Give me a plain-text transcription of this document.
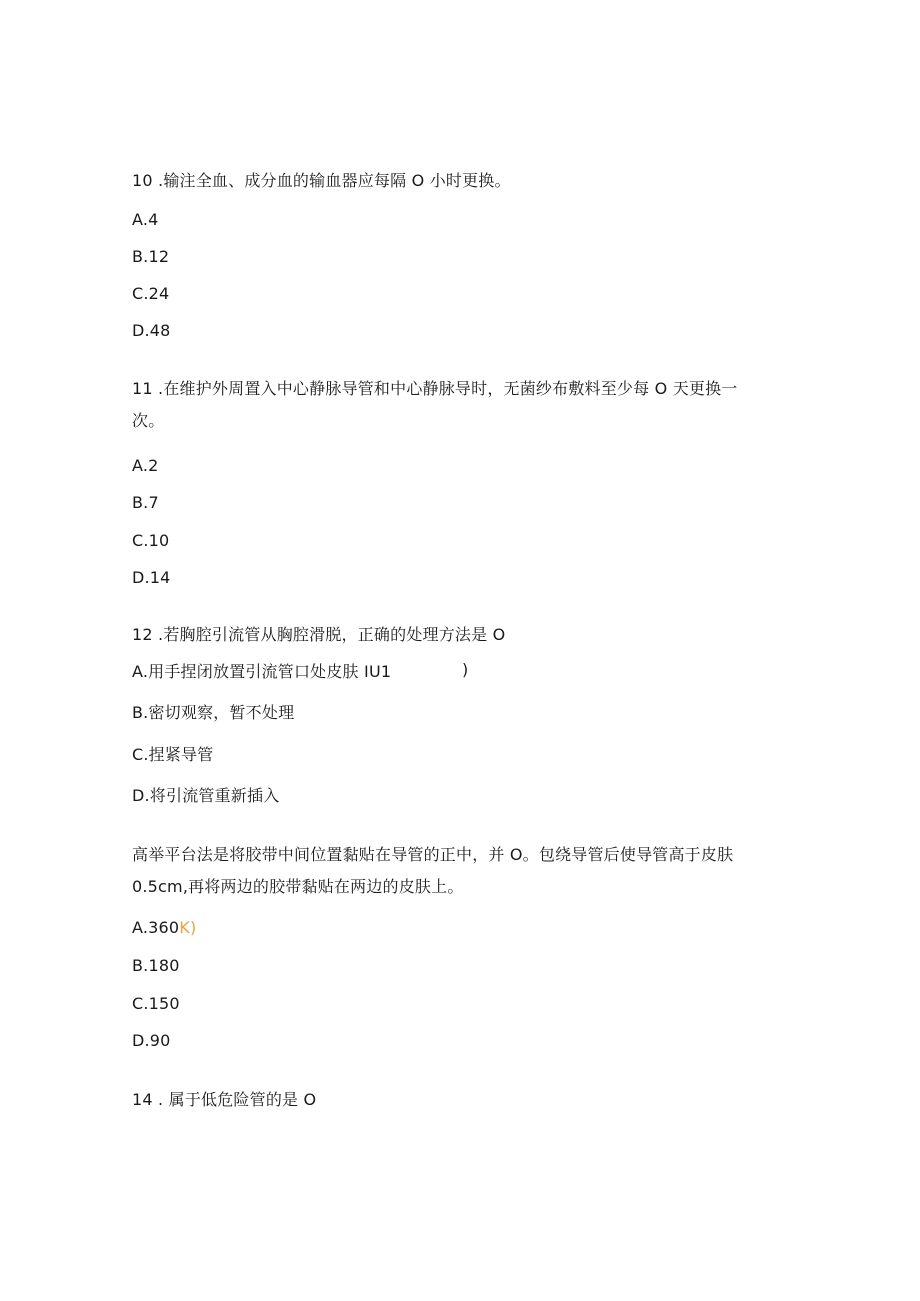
10 .输注全血、成分血的输血器应每隔 O 小时更换。
A.4
B.12
C.24
D.48
11 .在维护外周置入中心静脉导管和中心静脉导时，无菌纱布敷料至少每 O 天更换一
次。
A.2
B.7
C.10
D.14
12 .若胸腔引流管从胸腔滑脱，正确的处理方法是 O
A.用手捏闭放置引流管口处皮肤 IU1	)
B.密切观察，暂不处理
C.捏紧导管
D.将引流管重新插入
高举平台法是将胶带中间位置黏贴在导管的正中，并 O。包绕导管后使导管高于皮肤
0.5cm,再将两边的胶带黏贴在两边的皮肤上。
A.360K)
B.180
C.150
D.90
14 . 属于低危险管的是 O
